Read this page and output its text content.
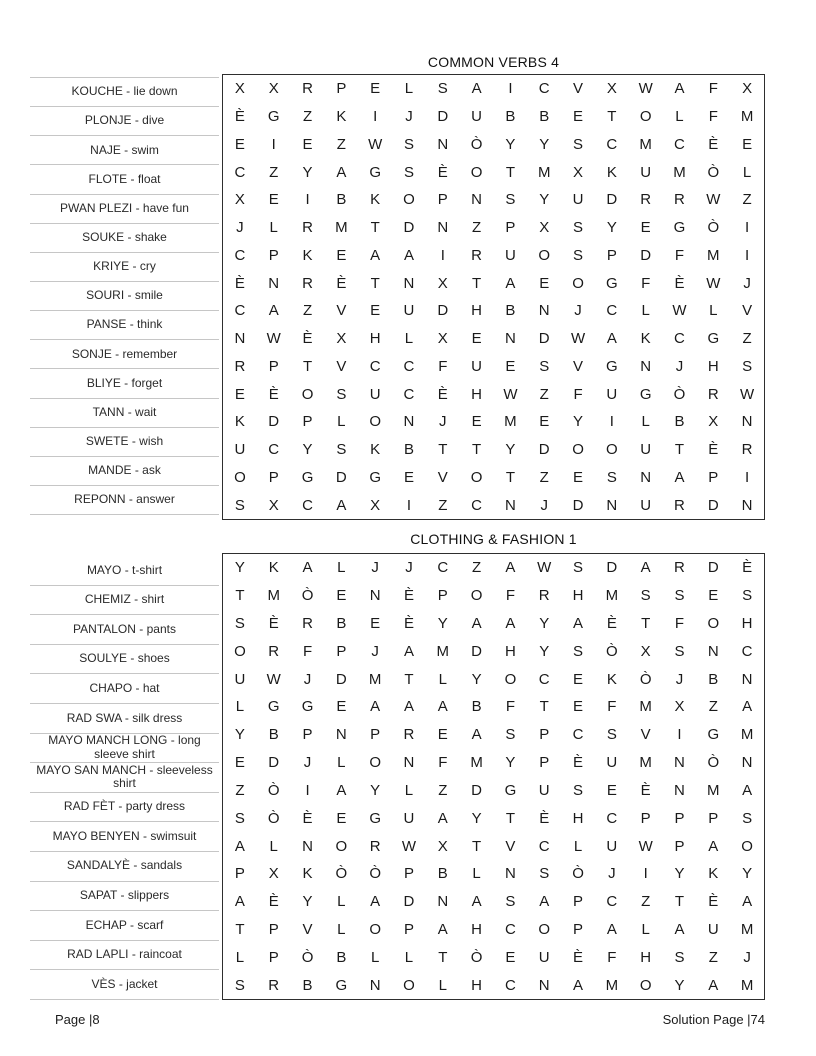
COMMON VERBS 4
KOUCHE - lie down
PLONJE - dive
NAJE - swim
FLOTE - float
PWAN PLEZI - have fun
SOUKE - shake
KRIYE - cry
SOURI - smile
PANSE - think
SONJE - remember
BLIYE - forget
TANN - wait
SWETE - wish
MANDE - ask
REPONN - answer
X	X	R	P	E	L	S	A	I	C	V	X	W	A	F	X
È	G	Z	K	I	J	D	U	B	B	E	T	O	L	F	M
E	I	E	Z	W	S	N	Ò	Y	Y	S	C	M	C	È	E
C	Z	Y	A	G	S	È	O	T	M	X	K	U	M	Ò	L
X	E	I	B	K	O	P	N	S	Y	U	D	R	R	W	Z
J	L	R	M	T	D	N	Z	P	X	S	Y	E	G	Ò	I
C	P	K	E	A	A	I	R	U	O	S	P	D	F	M	I
È	N	R	È	T	N	X	T	A	E	O	G	F	È	W	J
C	A	Z	V	E	U	D	H	B	N	J	C	L	W	L	V
N	W	È	X	H	L	X	E	N	D	W	A	K	C	G	Z
R	P	T	V	C	C	F	U	E	S	V	G	N	J	H	S
E	È	O	S	U	C	È	H	W	Z	F	U	G	Ò	R	W
K	D	P	L	O	N	J	E	M	E	Y	I	L	B	X	N
U	C	Y	S	K	B	T	T	Y	D	O	O	U	T	È	R
O	P	G	D	G	E	V	O	T	Z	E	S	N	A	P	I
S	X	C	A	X	I	Z	C	N	J	D	N	U	R	D	N
CLOTHING & FASHION 1
MAYO - t-shirt
CHEMIZ - shirt
PANTALON - pants
SOULYE - shoes
CHAPO - hat
RAD SWA - silk dress
MAYO MANCH LONG - long sleeve shirt
MAYO SAN MANCH - sleeveless shirt
RAD FÈT - party dress
MAYO BENYEN - swimsuit
SANDALYÈ - sandals
SAPAT - slippers
ECHAP - scarf
RAD LAPLI - raincoat
VÈS - jacket
Y	K	A	L	J	J	C	Z	A	W	S	D	A	R	D	È
T	M	Ò	E	N	È	P	O	F	R	H	M	S	S	E	S
S	È	R	B	E	È	Y	A	A	Y	A	È	T	F	O	H
O	R	F	P	J	A	M	D	H	Y	S	Ò	X	S	N	C
U	W	J	D	M	T	L	Y	O	C	E	K	Ò	J	B	N
L	G	G	E	A	A	A	B	F	T	E	F	M	X	Z	A
Y	B	P	N	P	R	E	A	S	P	C	S	V	I	G	M
E	D	J	L	O	N	F	M	Y	P	È	U	M	N	Ò	N
Z	Ò	I	A	Y	L	Z	D	G	U	S	E	È	N	M	A
S	Ò	È	E	G	U	A	Y	T	È	H	C	P	P	P	S
A	L	N	O	R	W	X	T	V	C	L	U	W	P	A	O
P	X	K	Ò	Ò	P	B	L	N	S	Ò	J	I	Y	K	Y
A	È	Y	L	A	D	N	A	S	A	P	C	Z	T	È	A
T	P	V	L	O	P	A	H	C	O	P	A	L	A	U	M
L	P	Ò	B	L	L	T	Ò	E	U	È	F	H	S	Z	J
S	R	B	G	N	O	L	H	C	N	A	M	O	Y	A	M
Page |8	Solution Page |74
